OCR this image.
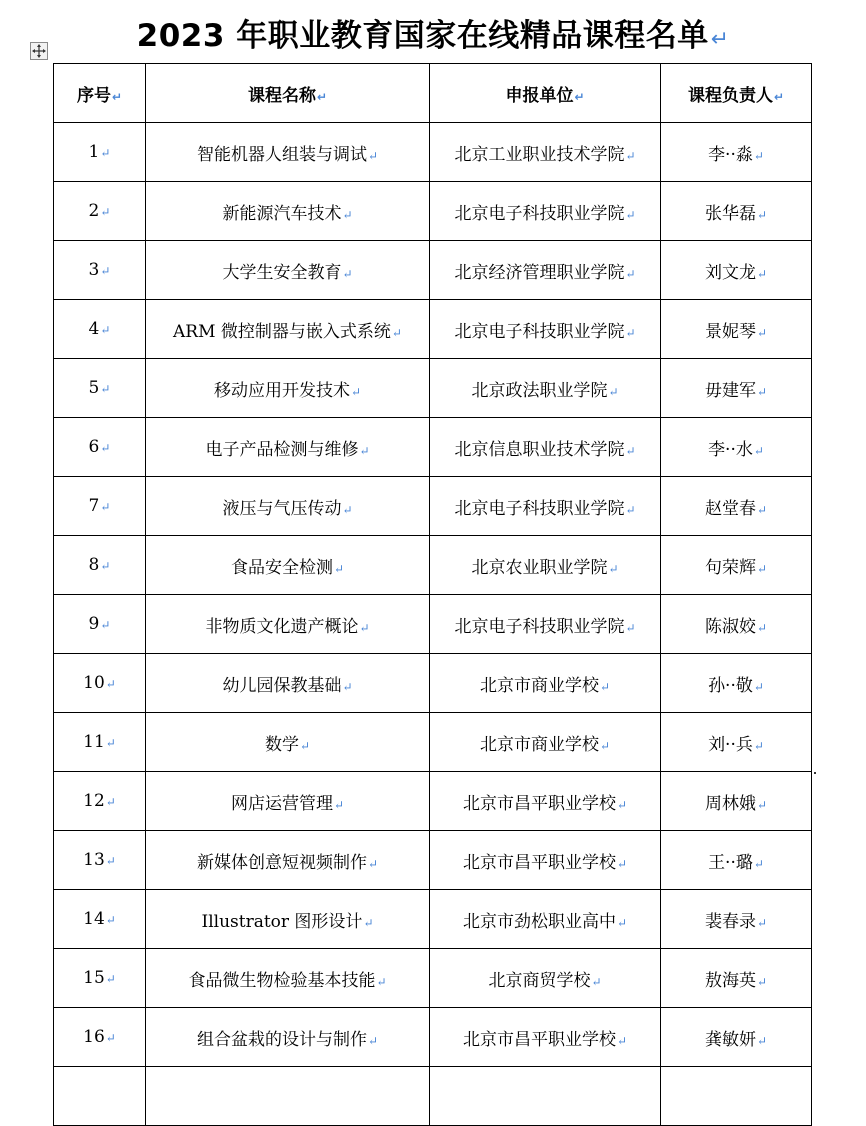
2023 年职业教育国家在线精品课程名单↵
序号↵	课程名称↵	申报单位↵	课程负责人↵
1↵	智能机器人组装与调试↵	北京工业职业技术学院↵	李··淼↵
2↵	新能源汽车技术↵	北京电子科技职业学院↵	张华磊↵
3↵	大学生安全教育↵	北京经济管理职业学院↵	刘文龙↵
4↵	ARM 微控制器与嵌入式系统↵	北京电子科技职业学院↵	景妮琴↵
5↵	移动应用开发技术↵	北京政法职业学院↵	毋建军↵
6↵	电子产品检测与维修↵	北京信息职业技术学院↵	李··水↵
7↵	液压与气压传动↵	北京电子科技职业学院↵	赵堂春↵
8↵	食品安全检测↵	北京农业职业学院↵	句荣辉↵
9↵	非物质文化遗产概论↵	北京电子科技职业学院↵	陈淑姣↵
10↵	幼儿园保教基础↵	北京市商业学校↵	孙··敬↵
11↵	数学↵	北京市商业学校↵	刘··兵↵
12↵	网店运营管理↵	北京市昌平职业学校↵	周林娥↵
13↵	新媒体创意短视频制作↵	北京市昌平职业学校↵	王··璐↵
14↵	Illustrator 图形设计↵	北京市劲松职业高中↵	裴春录↵
15↵	食品微生物检验基本技能↵	北京商贸学校↵	敖海英↵
16↵	组合盆栽的设计与制作↵	北京市昌平职业学校↵	龚敏妍↵
